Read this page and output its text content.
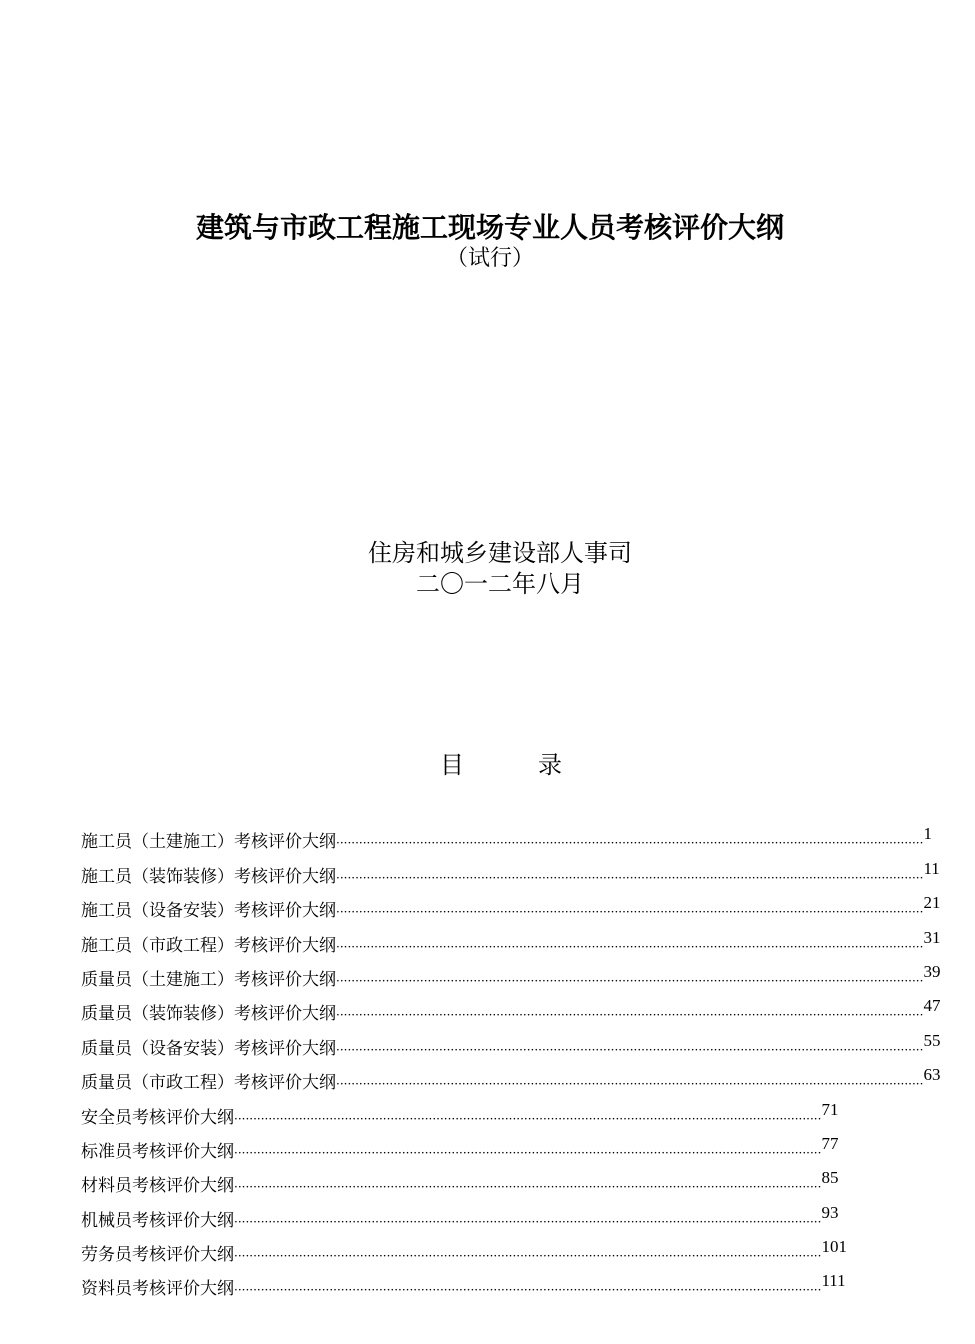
建筑与市政工程施工现场专业人员考核评价大纲
（试行）
住房和城乡建设部人事司
二〇一二年八月
目	录
施工员（土建施工）考核评价大纲 ·························································································································································· 1
施工员（装饰装修）考核评价大纲 ·························································································································································· 11
施工员（设备安装）考核评价大纲 ·························································································································································· 21
施工员（市政工程）考核评价大纲 ·························································································································································· 31
质量员（土建施工）考核评价大纲 ·························································································································································· 39
质量员（装饰装修）考核评价大纲 ·························································································································································· 47
质量员（设备安装）考核评价大纲 ·························································································································································· 55
质量员（市政工程）考核评价大纲 ·························································································································································· 63
安全员考核评价大纲 ·························································································································································· 71
标准员考核评价大纲 ·························································································································································· 77
材料员考核评价大纲 ·························································································································································· 85
机械员考核评价大纲 ·························································································································································· 93
劳务员考核评价大纲 ·························································································································································· 101
资料员考核评价大纲 ·························································································································································· 111
